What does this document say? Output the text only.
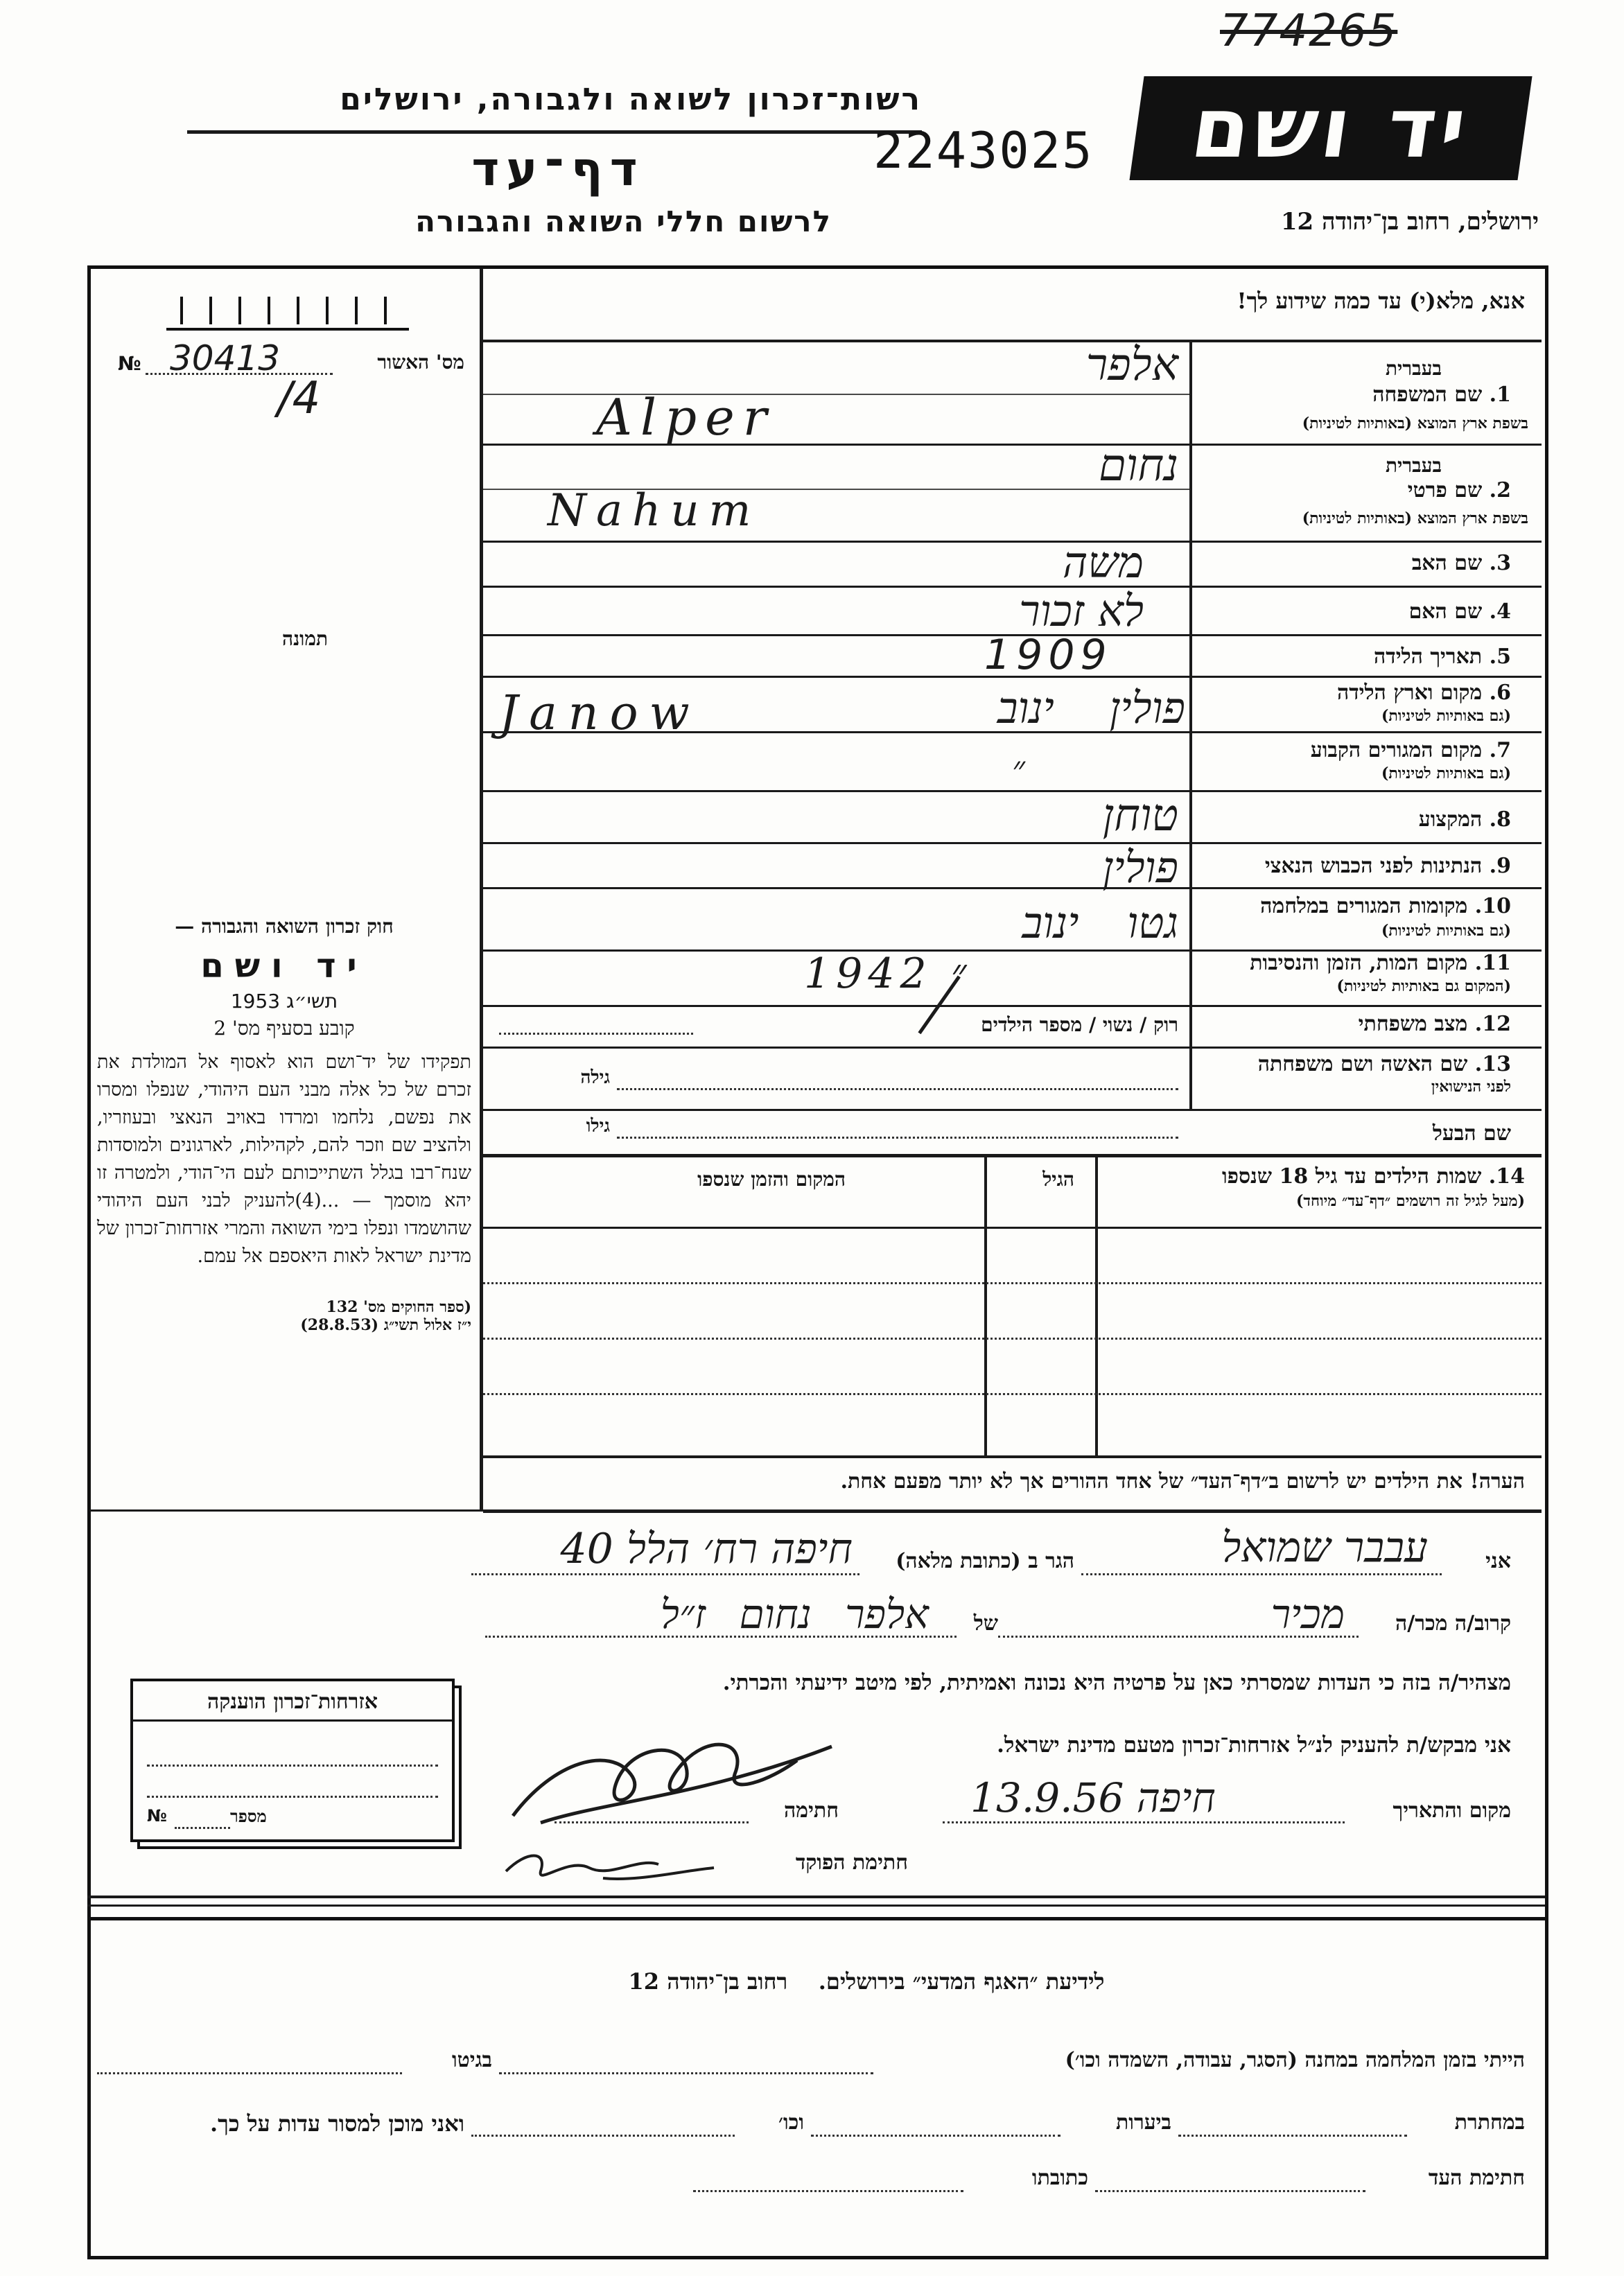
774265
יד ושם
רשות־זכרון לשואה ולגבורה, ירושלים
2243025
דף־עד
לרשום חללי השואה והגבורה	ירושלים, רחוב בן־יהודה 12
אנא, מלא(י) עד כמה שידוע לך!
№ 30413	מס' האשור
/4
תמונה
בעברית
1. שם המשפחה
בשפת ארץ המוצא (באותיות לטיניות)
אלפר
Alper
בעברית
2. שם פרטי
בשפת ארץ המוצא (באותיות לטיניות)
נחום
Nahum
3. שם האב
משה
4. שם האם
לא זכור
5. תאריך הלידה
1909
6. מקום וארץ הלידה
(גם באותיות לטיניות)
פולין ינוב
Janow
7. מקום המגורים הקבוע
(גם באותיות לטיניות)
״
8. המקצוע
טוחן
9. הנתינות לפני הכבוש הנאצי
פולין
10. מקומות המגורים במלחמה
(גם באותיות לטיניות)
גטו ינוב
11. מקום המות, הזמן והנסיבות
(המקום גם באותיות לטיניות)
1942 ״
12. מצב משפחתי
רוק / נשוי / מספר הילדים
13. שם האשה ושם משפחתה
לפני הנישואין
גילה
שם הבעל
גילו
14. שמות הילדים עד גיל 18 שנספו
(מעל לגיל זה רושמים ״דף־עד״ מיוחד)
הגיל
המקום והזמן שנספו
חוק זכרון השואה והגבורה —
יד ושם
תשי״ג 1953
קובע בסעיף מס' 2
תפקידו של יד־ושם הוא לאסוף אל המולדת את זכרם של כל אלה מבני העם היהודי, שנפלו ומסרו את נפשם, נלחמו ומרדו באויב הנאצי ובעוזריו, ולהציב שם וזכר להם, לקהילות, לארגונים ולמוסדות שנח־רבו בגלל השתייכותם לעם הי־הודי, ולמטרה זו יהא מוסמך — ...(4)להעניק לבני העם היהודי שהושמדו ונפלו בימי השואה והמרי אזרחות־זכרון של מדינת ישראל לאות היאספם אל עמם.
(ספר החוקים מס' 132
י״ז אלול תשי״ג (28.8.53)
הערה! את הילדים יש לרשום ב״דף־העד״ של אחד ההורים אך לא יותר מפעם אחת.
אני
עבבר שמואל
הגר ב (כתובת מלאה)
חיפה רח׳ הלל 40
קרוב/ה מכר/ה
מכיר
של
אלפר נחום ז״ל
מצהיר/ה בזה כי העדות שמסרתי כאן על פרטיה היא נכונה ואמיתית, לפי מיטב ידיעתי והכרתי.
אני מבקש/ת להעניק לנ״ל אזרחות־זכרון מטעם מדינת ישראל.
מקום והתאריך
חיפה 13.9.56
חתימה
חתימת הפוקד
אזרחות־זכרון הוענקה
№	מספר
לידיעת ״האגף המדעי״ בירושלים.    רחוב בן־יהודה 12
הייתי בזמן המלחמה במחנה (הסגר, עבודה, השמדה וכו׳)
בגיטו
במחתרת
ביערות
וכו׳
ואני מוכן למסור עדות על כך.
חתימת העד
כתובתו
